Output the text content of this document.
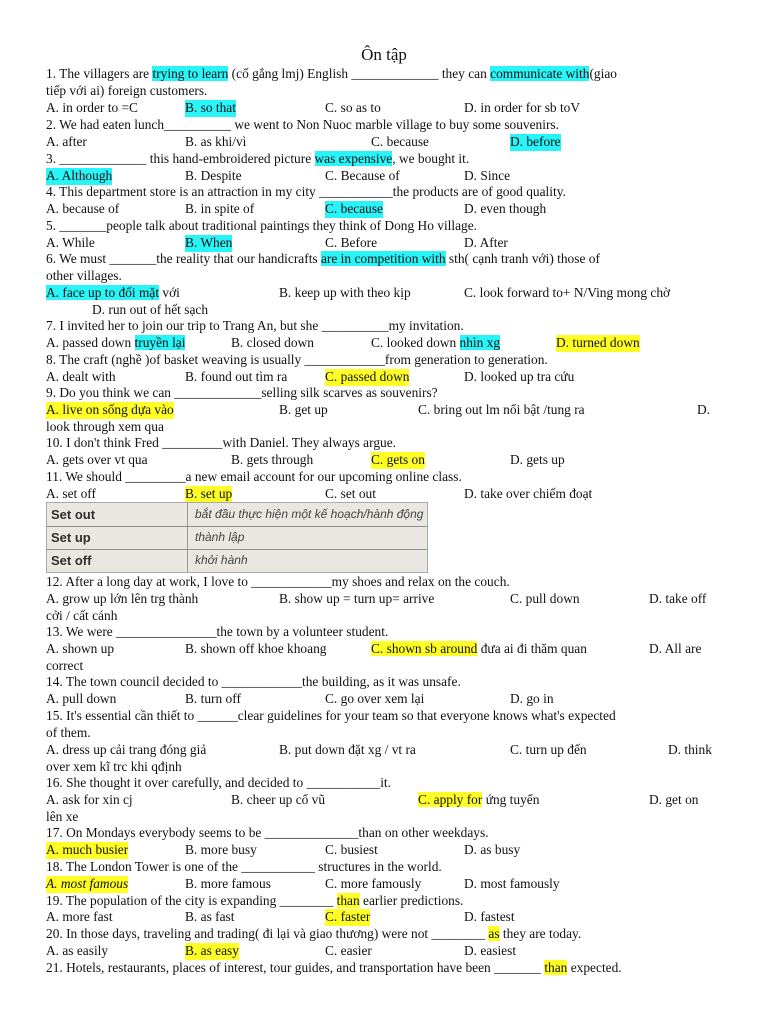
Ôn tập
1. The villagers are trying to learn (cố gắng lmj) English _____________ they can communicate with(giao
tiếp với ai) foreign customers.
A. in order to =C	B. so that	C. so as to	D. in order for sb toV
2. We had eaten lunch__________ we went to Non Nuoc marble village to buy some souvenirs.
A. after	B. as khi/vì	C. because	D. before
3. _____________ this hand-embroidered picture was expensive, we bought it.
A. Although	B. Despite	C. Because of	D. Since
4. This department store is an attraction in my city ___________the products are of good quality.
A. because of	B. in spite of	C. because	D. even though
5. _______people talk about traditional paintings they think of Dong Ho village.
A. While	B. When	C. Before	D. After
6. We must _______the reality that our handicrafts are in competition with sth( cạnh tranh với) those of
other villages.
A. face up to đối mặt với	B. keep up with theo kịp	C. look forward to+ N/Ving mong chờ
D. run out of hết sạch
7. I invited her to join our trip to Trang An, but she __________my invitation.
A. passed down truyền lại	B. closed down	C. looked down nhìn xg	D. turned down
8. The craft (nghề )of basket weaving is usually ____________from generation to generation.
A. dealt with	B. found out tìm ra	C. passed down	D. looked up tra cứu
9. Do you think we can _____________selling silk scarves as souvenirs?
A. live on sống dựa vào	B. get up	C. bring out lm nổi bật /tung ra	D.
look through xem qua
10. I don't think Fred _________with Daniel. They always argue.
A. gets over vt qua	B. gets through	C. gets on	D. gets up
11. We should _________a new email account for our upcoming online class.
A. set off	B. set up	C. set out	D. take over chiếm đoạt
Set out	bắt đầu thực hiện một kế hoạch/hành động
Set up	thành lập
Set off	khởi hành
12. After a long day at work, I love to ____________my shoes and relax on the couch.
A. grow up lớn lên trg thành	B. show up = turn up= arrive	C. pull down	D. take off
cởi / cất cánh
13. We were _______________the town by a volunteer student.
A. shown up	B. shown off khoe khoang	C. shown sb around đưa ai đi thăm quan	D. All are
correct
14. The town council decided to ____________the building, as it was unsafe.
A. pull down	B. turn off	C. go over xem lại	D. go in
15. It's essential cần thiết to ______clear guidelines for your team so that everyone knows what's expected
of them.
A. dress up cải trang đóng giả	B. put down đặt xg / vt ra	C. turn up đến	D. think
over xem kĩ trc khi qđịnh
16. She thought it over carefully, and decided to ___________it.
A. ask for xin cj	B. cheer up cổ vũ	C. apply for ứng tuyển	D. get on
lên xe
17. On Mondays everybody seems to be ______________than on other weekdays.
A. much busier	B. more busy	C. busiest	D. as busy
18. The London Tower is one of the ___________ structures in the world.
A. most famous	B. more famous	C. more famously	D. most famously
19. The population of the city is expanding ________ than earlier predictions.
A. more fast	B. as fast	C. faster	D. fastest
20. In those days, traveling and trading( đi lại và giao thương) were not ________ as they are today.
A. as easily	B. as easy	C. easier	D. easiest
21. Hotels, restaurants, places of interest, tour guides, and transportation have been _______ than expected.
